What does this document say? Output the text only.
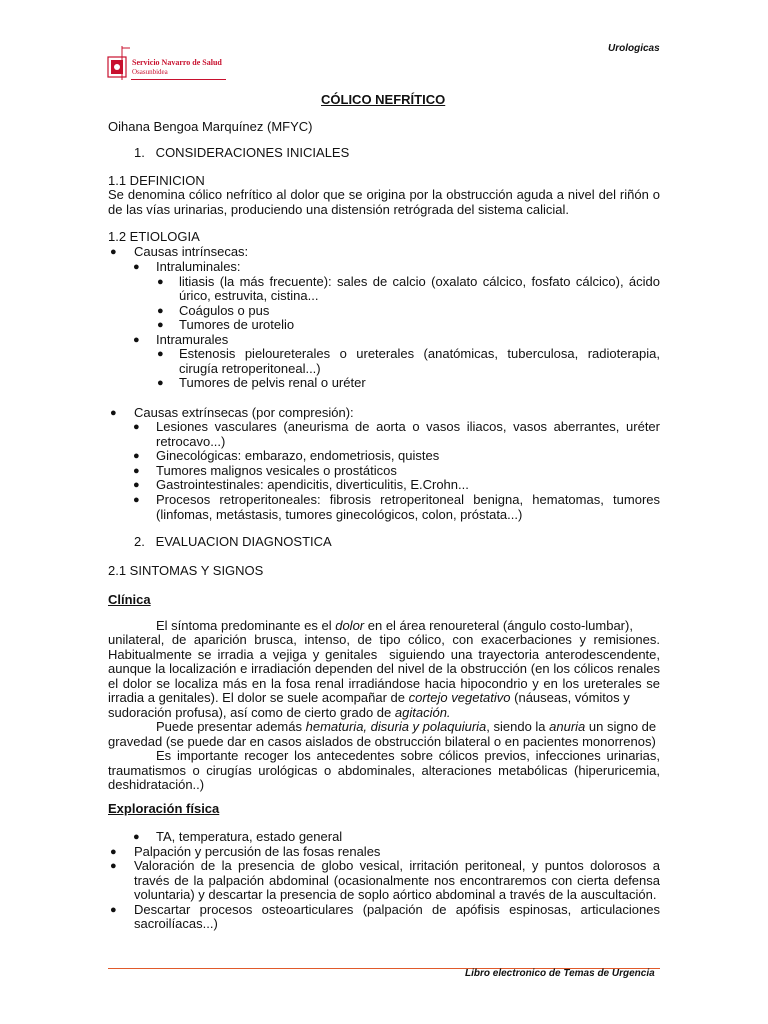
Servicio Navarro de Salud
Osasunbidea
Urologicas
CÓLICO NEFRÍTICO
Oihana Bengoa Marquínez (MFYC)
1.   CONSIDERACIONES INICIALES
1.1 DEFINICION
Se denomina cólico nefrítico al dolor que se origina por la obstrucción aguda a nivel del riñón o
de las vías urinarias, produciendo una distensión retrógrada del sistema calicial.
1.2 ETIOLOGIA
● Causas intrínsecas:
● Intraluminales:
● litiasis (la más frecuente): sales de calcio (oxalato cálcico, fosfato cálcico), ácido
úrico, estruvita, cistina...
● Coágulos o pus
● Tumores de urotelio
● Intramurales
● Estenosis pieloureterales o ureterales (anatómicas, tuberculosa, radioterapia,
cirugía retroperitoneal...)
● Tumores de pelvis renal o uréter
● Causas extrínsecas (por compresión):
● Lesiones vasculares (aneurisma de aorta o vasos iliacos, vasos aberrantes, uréter
retrocavo...)
● Ginecológicas: embarazo, endometriosis, quistes
● Tumores malignos vesicales o prostáticos
● Gastrointestinales: apendicitis, diverticulitis, E.Crohn...
● Procesos retroperitoneales: fibrosis retroperitoneal benigna, hematomas, tumores
(linfomas, metástasis, tumores ginecológicos, colon, próstata...)
2.   EVALUACION DIAGNOSTICA
2.1 SINTOMAS Y SIGNOS
Clínica
El síntoma predominante es el dolor en el área renoureteral (ángulo costo-lumbar),
unilateral, de aparición brusca, intenso, de tipo cólico, con exacerbaciones y remisiones.
Habitualmente se irradia a vejiga y genitales  siguiendo una trayectoria anterodescendente,
aunque la localización e irradiación dependen del nivel de la obstrucción (en los cólicos renales
el dolor se localiza más en la fosa renal irradiándose hacia hipocondrio y en los ureterales se
irradia a genitales). El dolor se suele acompañar de cortejo vegetativo (náuseas, vómitos y
sudoración profusa), así como de cierto grado de agitación.
Puede presentar además hematuria, disuria y polaquiuria, siendo la anuria un signo de
gravedad (se puede dar en casos aislados de obstrucción bilateral o en pacientes monorrenos)
Es importante recoger los antecedentes sobre cólicos previos, infecciones urinarias,
traumatismos o cirugías urológicas o abdominales, alteraciones metabólicas (hiperuricemia,
deshidratación..)
Exploración física
● TA, temperatura, estado general
● Palpación y percusión de las fosas renales
● Valoración de la presencia de globo vesical, irritación peritoneal, y puntos dolorosos a
través de la palpación abdominal (ocasionalmente nos encontraremos con cierta defensa
voluntaria) y descartar la presencia de soplo aórtico abdominal a través de la auscultación.
● Descartar procesos osteoarticulares (palpación de apófisis espinosas, articulaciones
sacroilíacas...)
Libro electronico de Temas de Urgencia
